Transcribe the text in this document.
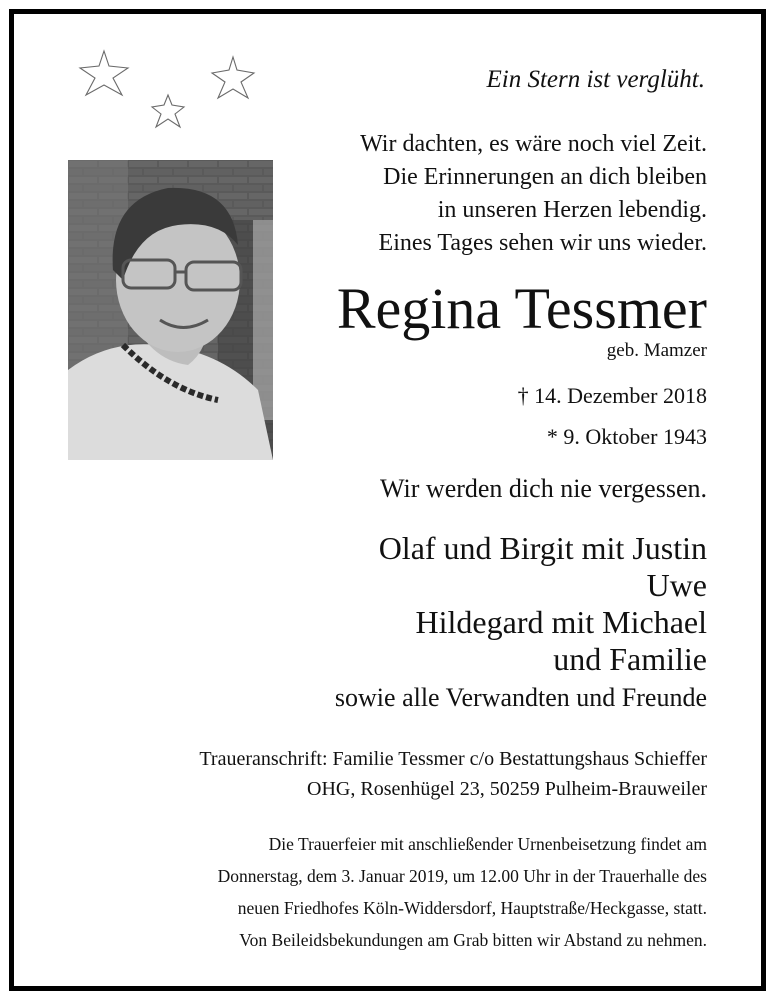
Ein Stern ist verglüht.
Wir dachten, es wäre noch viel Zeit.
Die Erinnerungen an dich bleiben
in unseren Herzen lebendig.
Eines Tages sehen wir uns wieder.
Regina Tessmer
geb. Mamzer
† 14. Dezember 2018
* 9. Oktober 1943
Wir werden dich nie vergessen.
Olaf und Birgit mit Justin
Uwe
Hildegard mit Michael
und Familie
sowie alle Verwandten und Freunde
Traueranschrift: Familie Tessmer c/o Bestattungshaus Schieffer
OHG, Rosenhügel 23, 50259 Pulheim-Brauweiler
Die Trauerfeier mit anschließender Urnenbeisetzung findet am
Donnerstag, dem 3. Januar 2019, um 12.00 Uhr in der Trauerhalle des
neuen Friedhofes Köln-Widdersdorf, Hauptstraße/Heckgasse, statt.
Von Beileidsbekundungen am Grab bitten wir Abstand zu nehmen.
